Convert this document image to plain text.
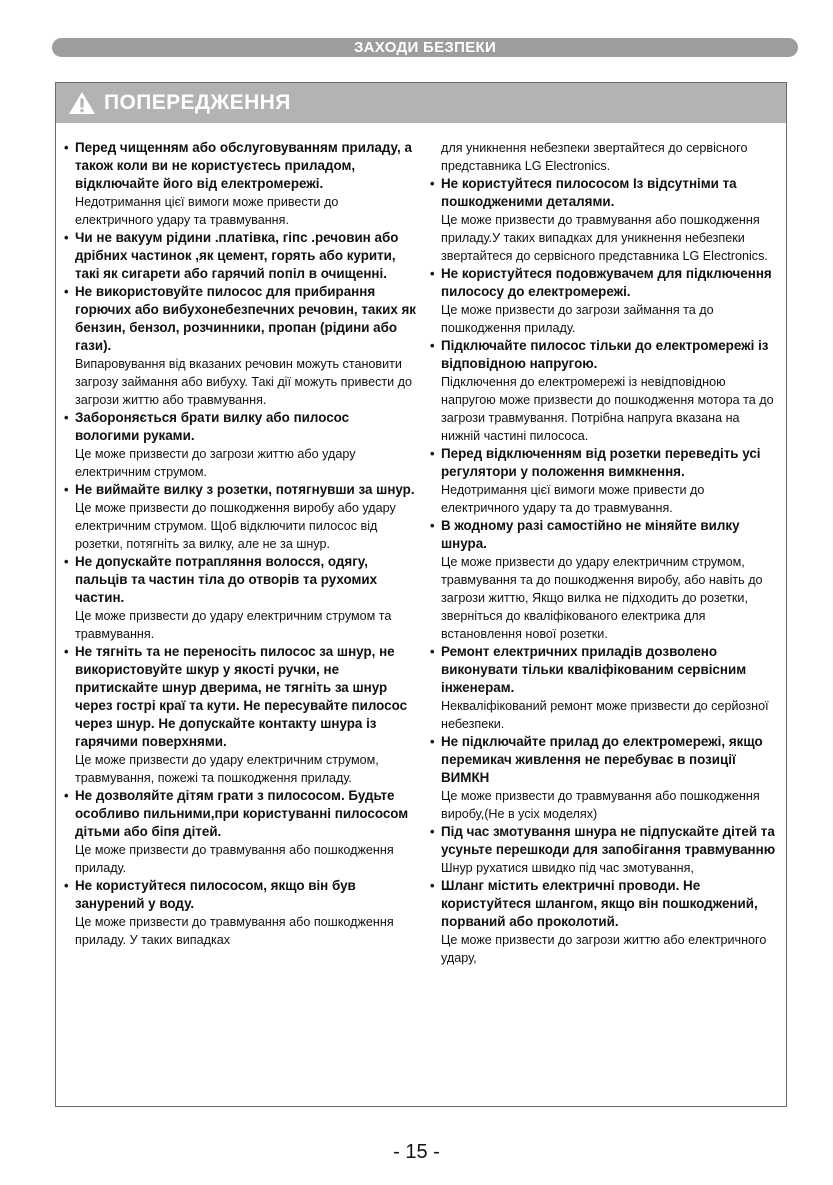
ЗАХОДИ БЕЗПЕКИ
ПОПЕРЕДЖЕННЯ
• Перед чищенням або обслуговуванням приладу, а також коли ви не користуєтесь приладом, відключайте його від електромережі.
Недотримання цієї вимоги може привести до електричного удару та травмування.
• Чи не вакуум рідини .платівка, гіпс .речовин або дрібних частинок ,як цемент, горять або курити, такі як сигарети або гарячий попіл в очищенні.
• Не використовуйте пилосос для прибирання горючих або вибухонебезпечних речовин, таких як бензин, бензол, розчинники, пропан (рідини або гази).
Випаровування від вказаних речовин можуть становити загрозу займання або вибуху. Такі дії можуть привести до загрози життю або травмування.
• Забороняється брати вилку або пилосос вологими руками.
Це може призвести до загрози життю або удару електричним струмом.
• Не виймайте вилку з розетки, потягнувши за шнур.
Це може призвести до пошкодження виробу або удару електричним струмом. Щоб відключити пилосос від розетки, потягніть за вилку, але не за шнур.
• Не допускайте потрапляння волосся, одягу, пальців та частин тіла до отворів та рухомих частин.
Це може призвести до удару електричним струмом та травмування.
• Не тягніть та не переносіть пилосос за шнур, не використовуйте шкур у якості ручки, не притискайте шнур дверима, не тягніть за шнур через гострі краї та кути. Не пересувайте пилосос через шнур. Не допускайте контакту шнура із гарячими поверхнями.
Це може призвести до удару електричним струмом, травмування, пожежі та пошкодження приладу.
• Не дозволяйте дітям грати з пилососом. Будьте особливо пильними,при користуванні пилососом дітьми або біпя дітей.
Це може призвести до травмування або пошкодження приладу.
• Не користуйтеся пилососом, якщо він був занурений у воду.
Це може призвести до травмування або пошкодження приладу. У таких випадках
для уникнення небезпеки звертайтеся до сервісного представника LG Electronics.
• Не користуйтеся пилососом Із відсутніми та пошкодженими деталями.
Це може призвести до травмування або пошкодження приладу.У таких випадках для уникнення небезпеки звертайтеся до сервісного представника LG Electronics.
• Не користуйтеся подовжувачем для підключення пилососу до електромережі.
Це може призвести до загрози займання та до пошкодження приладу.
• Підключайте пилосос тільки до електромережі із відповідною напругою.
Підключення до електромережі із невідповідною напругою може призвести до пошкодження мотора та до загрози травмування. Потрібна напруга вказана на нижній частині пилососа.
• Перед відключенням від розетки переведіть усі регулятори у положення вимкнення.
Недотримання цієї вимоги може привести до електричного удару та до травмування.
• В жодному разі самостійно не міняйте вилку шнура.
Це може призвести до удару електричним струмом, травмування та до пошкодження виробу, або навіть до загрози життю, Якщо вилка не підходить до розетки, зверніться до кваліфікованого електрика для встановлення нової розетки.
• Ремонт електричних приладів дозволено виконувати тільки кваліфікованим сервісним інженерам.
Некваліфікований ремонт може призвести до серйозної небезпеки.
• Не підключайте прилад до електромережі, якщо перемикач живлення не перебуває в позиції ВИМКН
Це може призвести до травмування або пошкодження виробу,(Не в усіх моделях)
• Під час змотування шнура не підпускайте дітей та усуньте перешкоди для запобігання травмуванню
Шнур рухатися швидко під час змотування,
• Шланг містить електричні проводи. Не користуйтеся шлангом, якщо він пошкоджений, порваний або проколотий.
Це може призвести до загрози життю або електричного удару,
- 15 -
